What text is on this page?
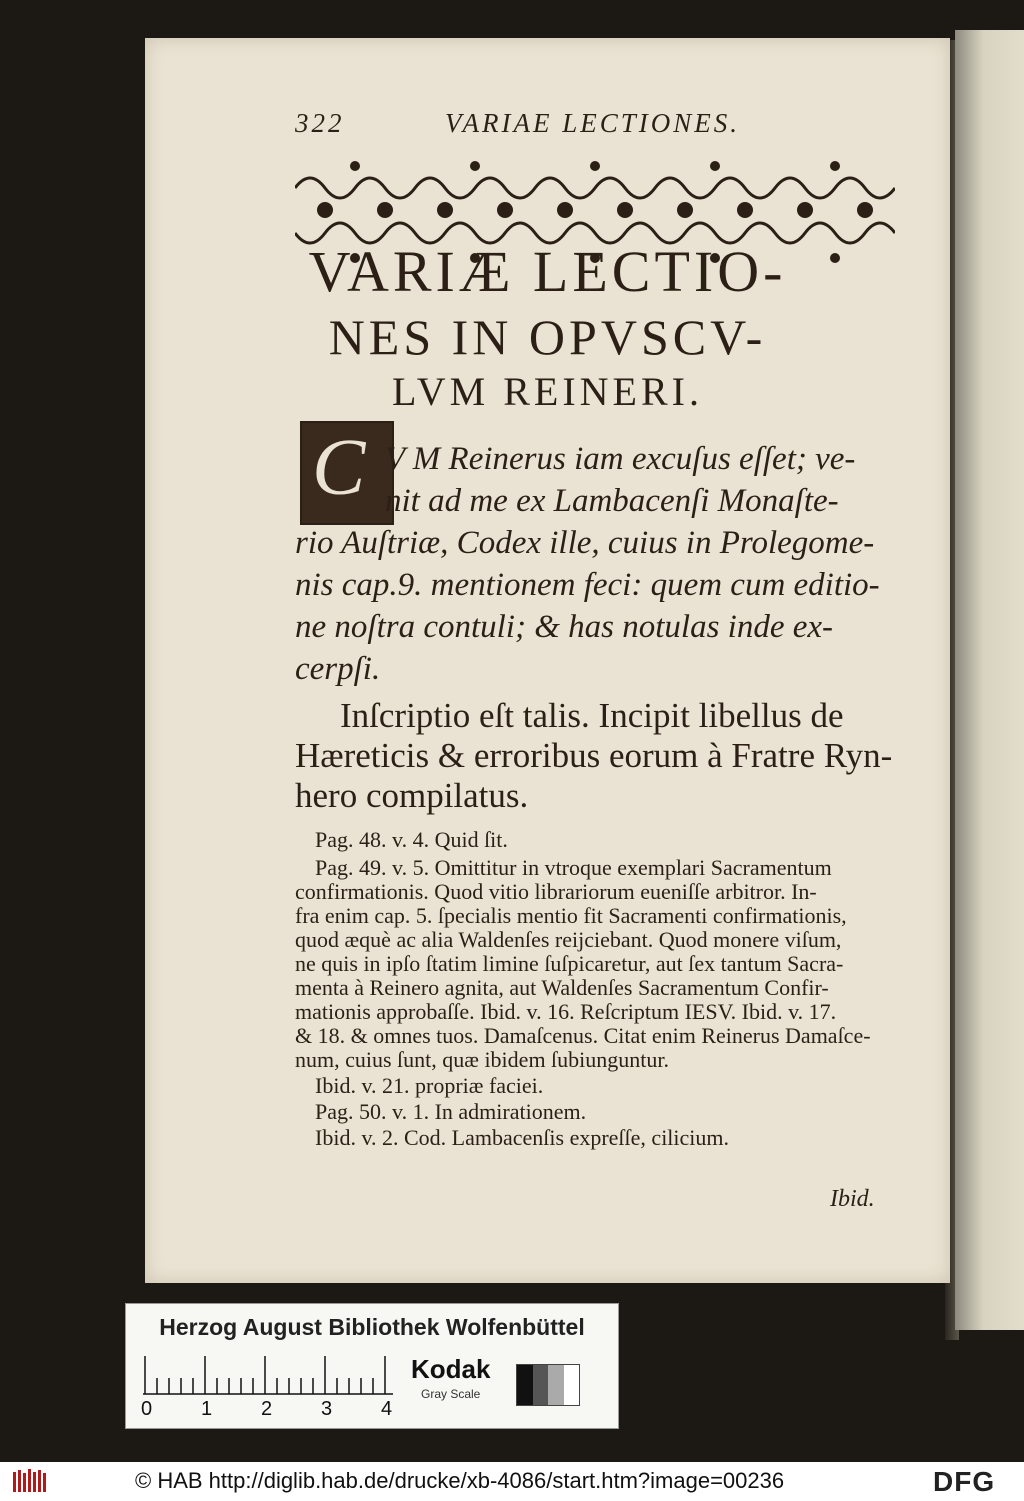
322	VARIAE LECTIONES.
VARIÆ LECTIO-
NES IN OPVSCV-
LVM REINERI.
C V M Reinerus iam excuſus eſſet; ve-
nit ad me ex Lambacenſi Monaſte-
rio Auſtriæ, Codex ille, cuius in Prolegome-
nis cap.9. mentionem feci: quem cum editio-
ne noſtra contuli; & has notulas inde ex-
cerpſi.
Inſcriptio eſt talis. Incipit libellus de
Hæreticis & erroribus eorum à Fratre Ryn-
hero compilatus.
Pag. 48. v. 4. Quid ſit.
Pag. 49. v. 5. Omittitur in vtroque exemplari Sacramentum
confirmationis. Quod vitio librariorum eueniſſe arbitror. In-
fra enim cap. 5. ſpecialis mentio fit Sacramenti confirmationis,
quod æquè ac alia Waldenſes reijciebant. Quod monere viſum,
ne quis in ipſo ſtatim limine ſuſpicaretur, aut ſex tantum Sacra-
menta à Reinero agnita, aut Waldenſes Sacramentum Confir-
mationis approbaſſe. Ibid. v. 16. Reſcriptum IESV. Ibid. v. 17.
& 18. & omnes tuos. Damaſcenus. Citat enim Reinerus Damaſce-
num, cuius ſunt, quæ ibidem ſubiunguntur.
Ibid. v. 21. propriæ faciei.
Pag. 50. v. 1. In admirationem.
Ibid. v. 2. Cod. Lambacenſis expreſſe, cilicium.
Ibid.
Herzog August Bibliothek Wolfenbüttel
0 1 2 3 4
Kodak
Gray Scale
© HAB http://diglib.hab.de/drucke/xb-4086/start.htm?image=00236	DFG
